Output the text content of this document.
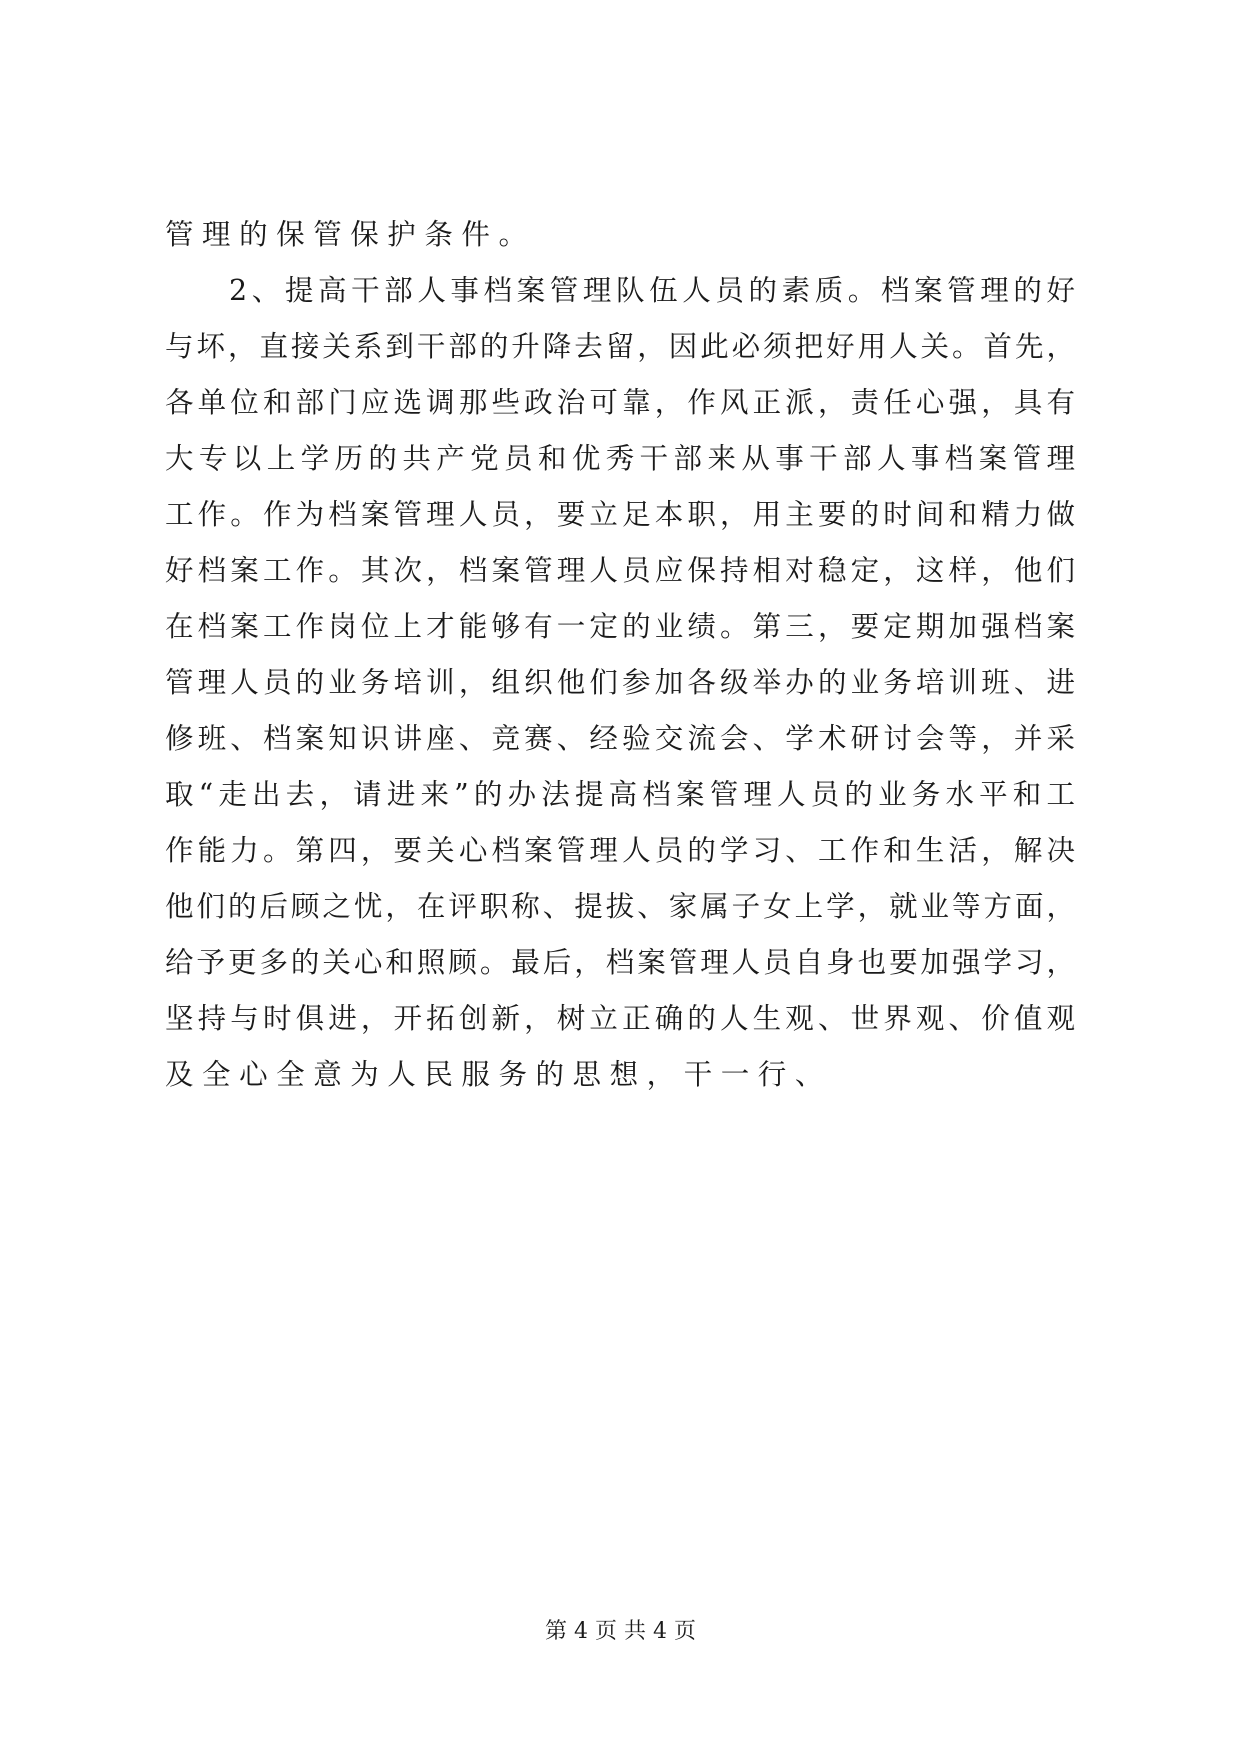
管理的保管保护条件。
2、提高干部人事档案管理队伍人员的素质。档案管理的好
与坏，直接关系到干部的升降去留，因此必须把好用人关。首先，
各单位和部门应选调那些政治可靠，作风正派，责任心强，具有
大专以上学历的共产党员和优秀干部来从事干部人事档案管理
工作。作为档案管理人员，要立足本职，用主要的时间和精力做
好档案工作。其次，档案管理人员应保持相对稳定，这样，他们
在档案工作岗位上才能够有一定的业绩。第三，要定期加强档案
管理人员的业务培训，组织他们参加各级举办的业务培训班、进
修班、档案知识讲座、竞赛、经验交流会、学术研讨会等，并采
取“走出去，请进来”的办法提高档案管理人员的业务水平和工
作能力。第四，要关心档案管理人员的学习、工作和生活，解决
他们的后顾之忧，在评职称、提拔、家属子女上学，就业等方面，
给予更多的关心和照顾。最后，档案管理人员自身也要加强学习，
坚持与时俱进，开拓创新，树立正确的人生观、世界观、价值观
及全心全意为人民服务的思想，干一行、
第 4 页 共 4 页
